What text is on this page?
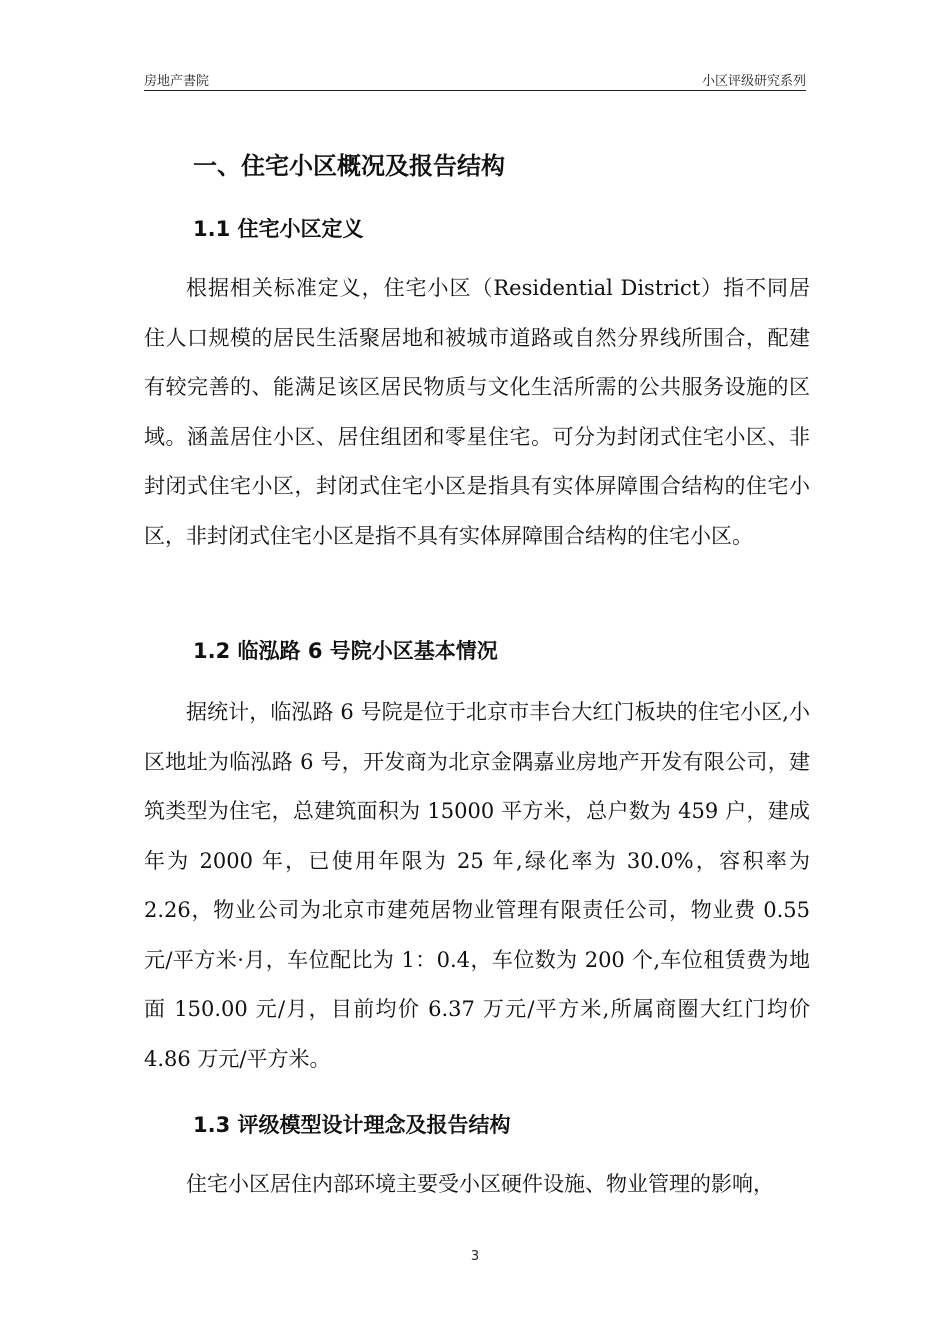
房地产書院	小区评级研究系列
一、住宅小区概况及报告结构
1.1 住宅小区定义

根据相关标准定义，住宅小区（Residential District）指不同居住人口规模的居民生活聚居地和被城市道路或自然分界线所围合，配建有较完善的、能满足该区居民物质与文化生活所需的公共服务设施的区域。涵盖居住小区、居住组团和零星住宅。可分为封闭式住宅小区、非封闭式住宅小区，封闭式住宅小区是指具有实体屏障围合结构的住宅小区，非封闭式住宅小区是指不具有实体屏障围合结构的住宅小区。

1.2 临泓路 6 号院小区基本情况

据统计，临泓路 6 号院是位于北京市丰台大红门板块的住宅小区,小区地址为临泓路 6 号，开发商为北京金隅嘉业房地产开发有限公司，建筑类型为住宅，总建筑面积为 15000 平方米，总户数为 459 户，建成年为 2000 年，已使用年限为 25 年,绿化率为 30.0%，容积率为 2.26，物业公司为北京市建苑居物业管理有限责任公司，物业费 0.55 元/平方米·月，车位配比为 1：0.4，车位数为 200 个,车位租赁费为地面 150.00 元/月，目前均价 6.37 万元/平方米,所属商圈大红门均价 4.86 万元/平方米。

1.3 评级模型设计理念及报告结构

住宅小区居住内部环境主要受小区硬件设施、物业管理的影响，

3
